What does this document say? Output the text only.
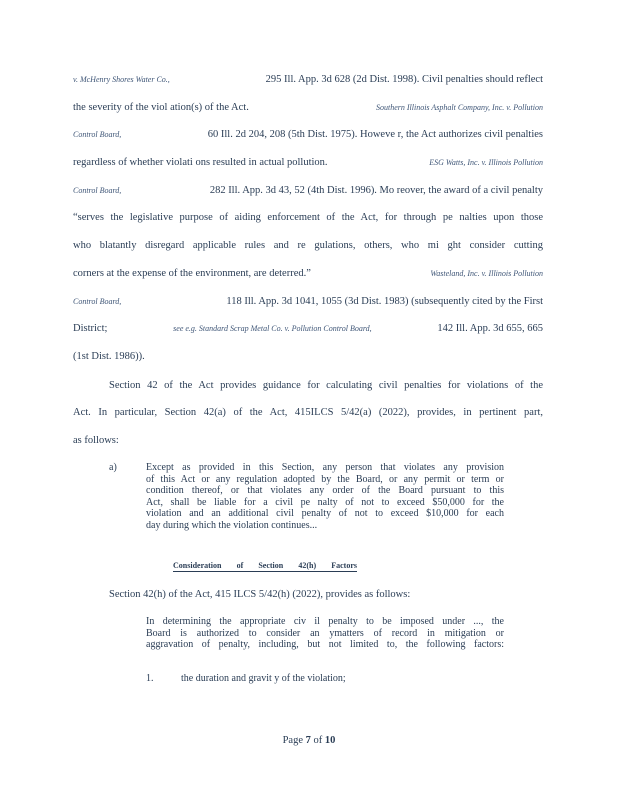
v. McHenry Shores Water Co.,	295 Ill. App. 3d 628 (2d Dist. 1998). Civil penalties should reflect
the severity of the viol ation(s) of the Act.	Southern Illinois Asphalt Company, Inc. v. Pollution
Control Board,	60 Ill. 2d 204, 208 (5th Dist. 1975). Howeve r, the Act authorizes civil penalties
regardless of whether violati ons resulted in actual pollution.	ESG Watts, Inc. v. Illinois Pollution
Control Board,	282 Ill. App. 3d 43, 52 (4th Dist. 1996). Mo reover, the award of a civil penalty
“serves the legislative purpose of aiding enforcement of the Act, for through pe nalties upon those
who blatantly disregard applicable rules and re gulations, others, who mi ght consider cutting
corners at the expense of the environment, are deterred.”	Wasteland, Inc. v. Illinois Pollution
Control Board,	118 Ill. App. 3d 1041, 1055 (3d Dist. 1983) (subsequently cited by the First
District;	see e.g. Standard Scrap Metal Co. v. Pollution Control Board,	142 Ill. App. 3d 655, 665
(1st Dist. 1986)).
Section 42 of the Act provides guidance for calculating civil penalties for violations of the
Act. In particular, Section 42(a) of the Act, 415ILCS 5/42(a) (2022), provides, in pertinent part,
as follows:
a)	Except as provided in this Section, any person that violates any provision
of this Act or any regulation adopted by the Board, or any permit or term or
condition thereof, or that violates any order of the Board pursuant to this
Act, shall be liable for a civil pe nalty of not to exceed $50,000 for the
violation and an additional civil penalty of not to exceed $10,000 for each
day during which the violation continues...
Consideration of Section 42(h) Factors
Section 42(h) of the Act, 415 ILCS 5/42(h) (2022), provides as follows:
In determining the appropriate civ il penalty to be imposed under ..., the
Board is authorized to consider an ymatters of record in mitigation or
aggravation of penalty, including, but not limited to, the following factors:
1.	the duration and gravit y of the violation;
Page 7 of 10
